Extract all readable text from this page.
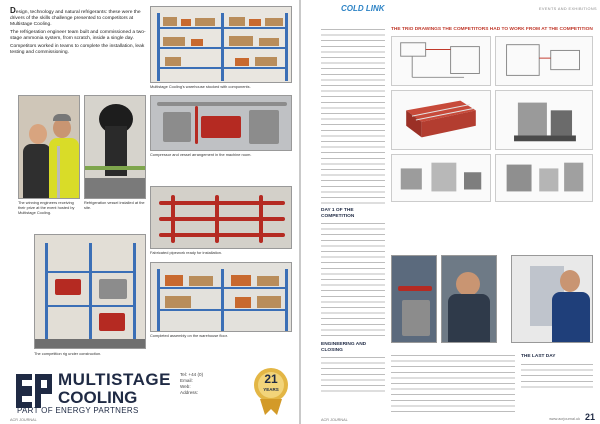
Design, technology and natural refrigerants: these were the drivers of the skills challenge presented to competitors at Multistage Cooling.

The refrigeration engineer team built and commissioned a two-stage ammonia system, from scratch, inside a single day.

Competitors worked in teams to complete the installation, leak testing and commissioning.

Multistage Cooling's warehouse stocked with components.
The winning engineers receiving their prize at the event hosted by Multistage Cooling.
Refrigeration vessel installed at the site.
Compressor and vessel arrangement in the machine room.
Fabricated pipework ready for installation.
The competition rig under construction.
Completed assembly on the warehouse floor.
MULTISTAGE
COOLING
PART OF ENERGY PARTNERS
Tel: +44 (0)
Email:
Web:
Address:
21
YEARS
ACR JOURNAL
COLD LINK	EVENTS AND EXHIBITIONS
DAY 1 OF THE COMPETITION
ENGINEERING AND CLOSING
THE TRIO DRAWINGS THE COMPETITORS HAD TO WORK FROM AT THE COMPETITION
THE LAST DAY
ACR JOURNAL	www.acrjournal.uk 21
